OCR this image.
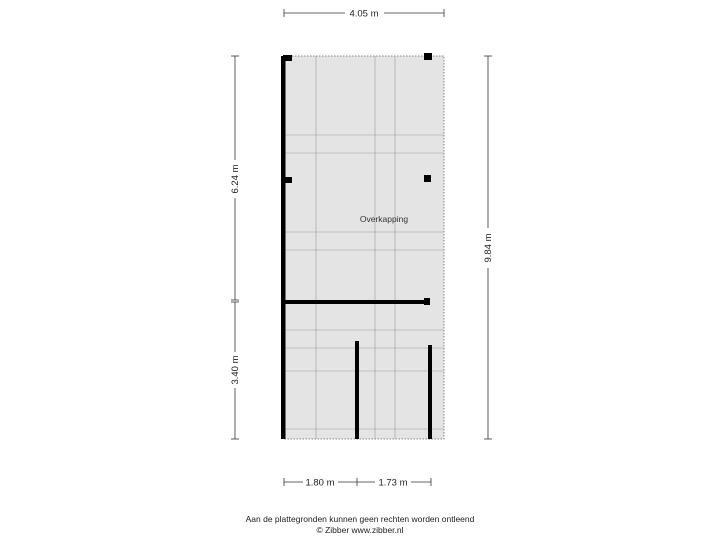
4.05 m
6.24 m
3.40 m
9.84 m
1.80 m	1.73 m
Overkapping
Aan de plattegronden kunnen geen rechten worden ontleend
© Zibber www.zibber.nl
